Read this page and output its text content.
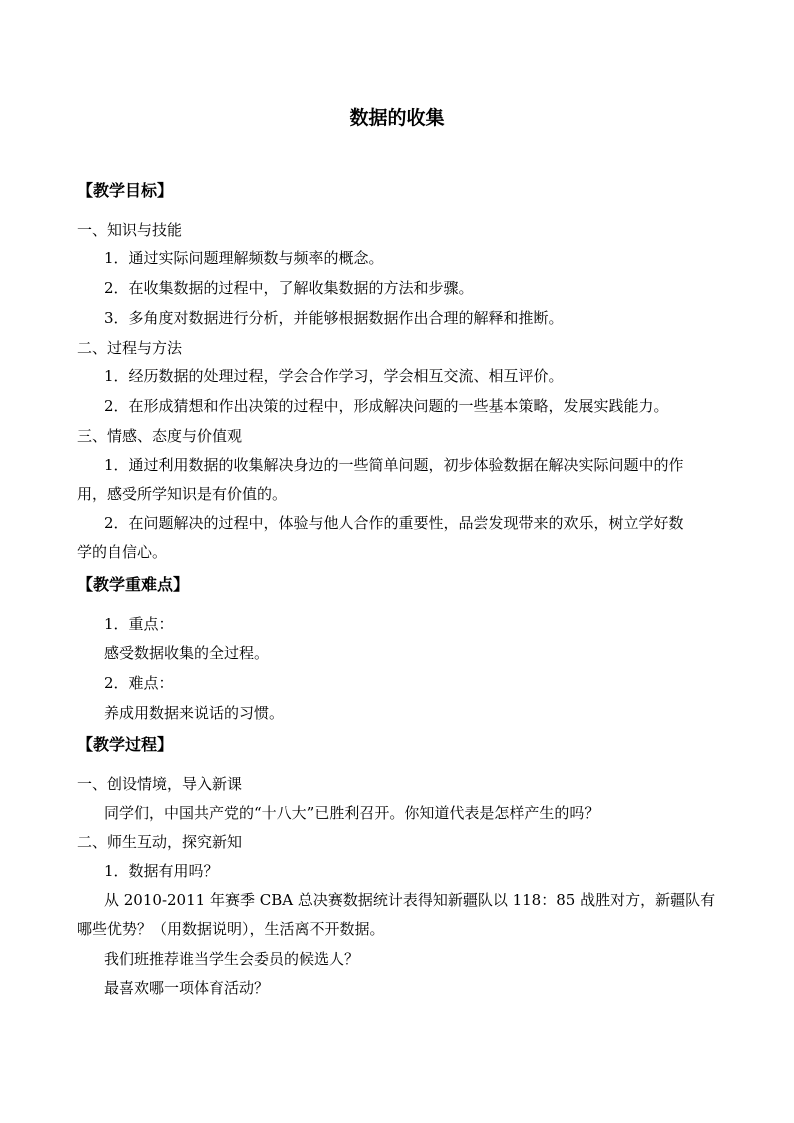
数据的收集
【教学目标】
一、知识与技能
1．通过实际问题理解频数与频率的概念。
2．在收集数据的过程中，了解收集数据的方法和步骤。
3．多角度对数据进行分析，并能够根据数据作出合理的解释和推断。
二、过程与方法
1．经历数据的处理过程，学会合作学习，学会相互交流、相互评价。
2．在形成猜想和作出决策的过程中，形成解决问题的一些基本策略，发展实践能力。
三、情感、态度与价值观
1．通过利用数据的收集解决身边的一些简单问题，初步体验数据在解决实际问题中的作
用，感受所学知识是有价值的。
2．在问题解决的过程中，体验与他人合作的重要性，品尝发现带来的欢乐，树立学好数
学的自信心。
【教学重难点】
1．重点：
感受数据收集的全过程。
2．难点：
养成用数据来说话的习惯。
【教学过程】
一、创设情境，导入新课
同学们，中国共产党的“十八大”已胜利召开。你知道代表是怎样产生的吗？
二、师生互动，探究新知
1．数据有用吗？
从 2010-2011 年赛季 CBA 总决赛数据统计表得知新疆队以 118：85 战胜对方，新疆队有
哪些优势？（用数据说明），生活离不开数据。
我们班推荐谁当学生会委员的候选人？
最喜欢哪一项体育活动？
